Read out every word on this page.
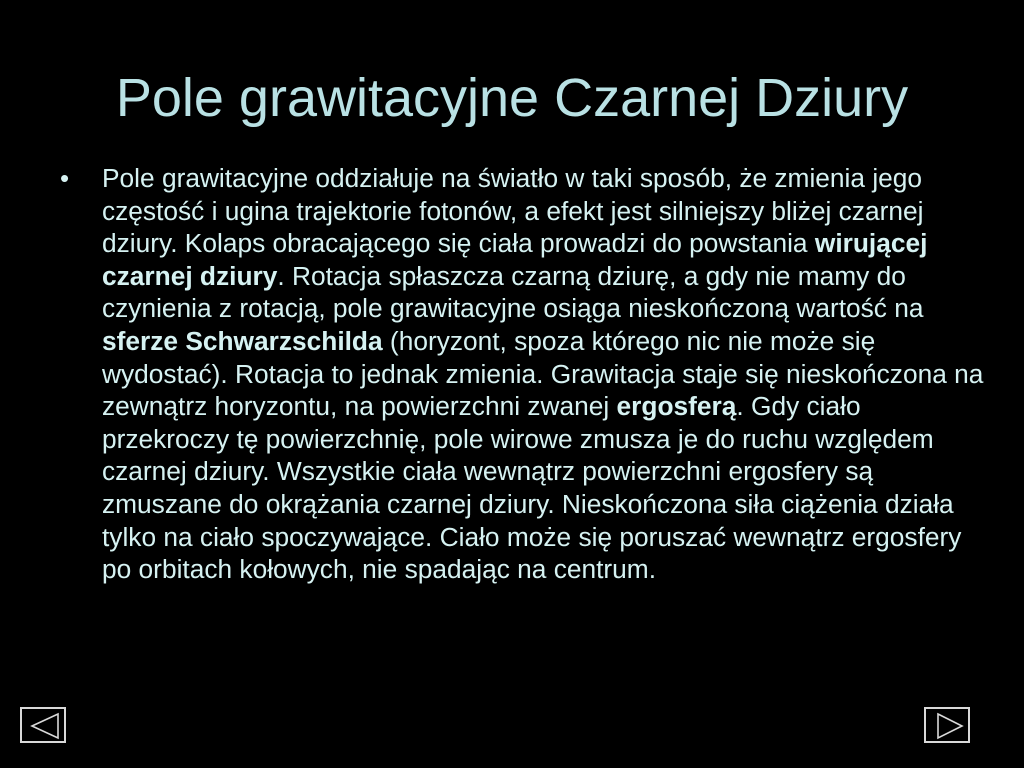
Pole grawitacyjne Czarnej Dziury
•	Pole grawitacyjne oddziałuje na światło w taki sposób, że zmienia jego częstość i ugina trajektorie fotonów, a efekt jest silniejszy bliżej czarnej dziury. Kolaps obracającego się ciała prowadzi do powstania wirującej czarnej dziury. Rotacja spłaszcza czarną dziurę, a gdy nie mamy do czynienia z rotacją, pole grawitacyjne osiąga nieskończoną wartość na sferze Schwarzschilda (horyzont, spoza którego nic nie może się wydostać). Rotacja to jednak zmienia. Grawitacja staje się nieskończona na zewnątrz horyzontu, na powierzchni zwanej ergosferą. Gdy ciało przekroczy tę powierzchnię, pole wirowe zmusza je do ruchu względem czarnej dziury. Wszystkie ciała wewnątrz powierzchni ergosfery są zmuszane do okrążania czarnej dziury. Nieskończona siła ciążenia działa tylko na ciało spoczywające. Ciało może się poruszać wewnątrz ergosfery po orbitach kołowych, nie spadając na centrum.
